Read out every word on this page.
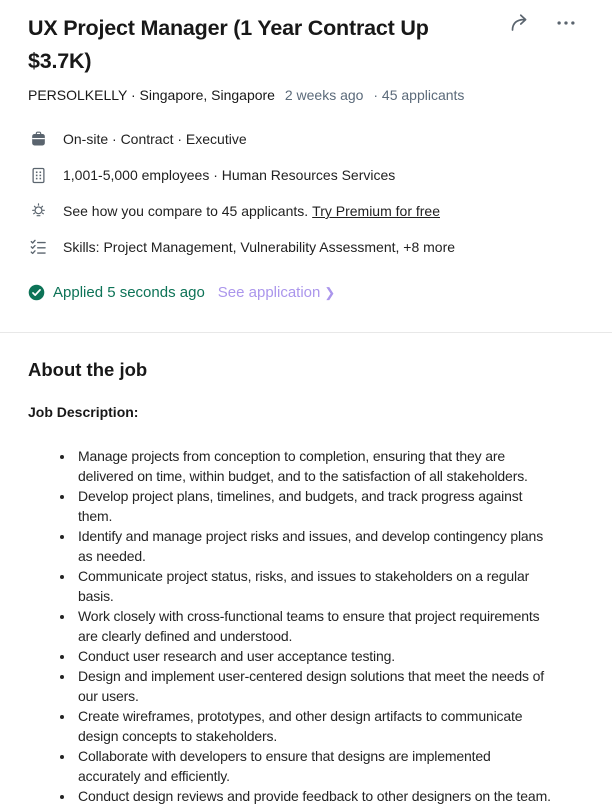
UX Project Manager (1 Year Contract Up $3.7K)

PERSOLKELLY · Singapore, Singapore 2 weeks ago · 45 applicants

On-site · Contract · Executive
1,001-5,000 employees · Human Resources Services
See how you compare to 45 applicants. Try Premium for free
Skills: Project Management, Vulnerability Assessment, +8 more
Applied 5 seconds ago See application ❯
About the job

Job Description:

• Manage projects from conception to completion, ensuring that they are delivered on time, within budget, and to the satisfaction of all stakeholders.
• Develop project plans, timelines, and budgets, and track progress against them.
• Identify and manage project risks and issues, and develop contingency plans as needed.
• Communicate project status, risks, and issues to stakeholders on a regular basis.
• Work closely with cross-functional teams to ensure that project requirements are clearly defined and understood.
• Conduct user research and user acceptance testing.
• Design and implement user-centered design solutions that meet the needs of our users.
• Create wireframes, prototypes, and other design artifacts to communicate design concepts to stakeholders.
• Collaborate with developers to ensure that designs are implemented accurately and efficiently.
• Conduct design reviews and provide feedback to other designers on the team.
